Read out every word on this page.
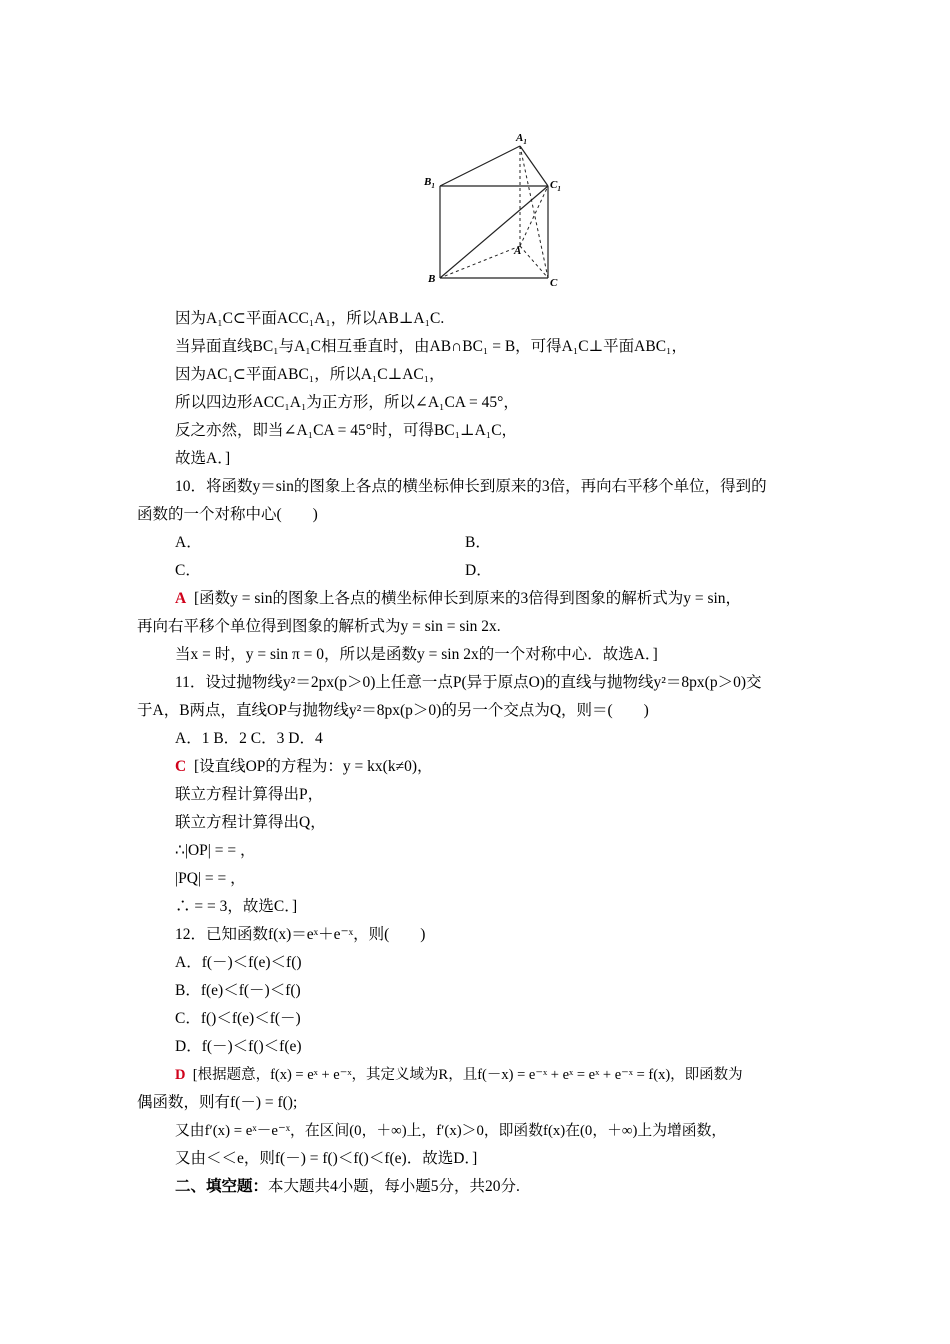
$A_1$
$B_1$	$C_1$
A
B	C
因为A₁C⊂平面ACC₁A₁，所以AB⊥A₁C.
当异面直线BC₁与A₁C相互垂直时，由AB∩BC₁ = B，可得A₁C⊥平面ABC₁，
因为AC₁⊂平面ABC₁，所以A₁C⊥AC₁，
所以四边形ACC₁A₁为正方形，所以∠A₁CA = 45°，
反之亦然，即当∠A₁CA = 45°时，可得BC₁⊥A₁C，
故选A．]
10．将函数y＝sin的图象上各点的横坐标伸长到原来的3倍，再向右平移个单位，得到的
函数的一个对称中心(　　)
A．	B．
C．	D．
A [函数y = sin的图象上各点的横坐标伸长到原来的3倍得到图象的解析式为y = sin，
再向右平移个单位得到图象的解析式为y = sin = sin 2x.
当x = 时，y = sin π = 0，所以是函数y = sin 2x的一个对称中心．故选A．]
11．设过抛物线y²＝2px(p＞0)上任意一点P(异于原点O)的直线与抛物线y²＝8px(p＞0)交
于A，B两点，直线OP与抛物线y²＝8px(p＞0)的另一个交点为Q，则＝(　　)
A．1 B．2 C．3 D．4
C [设直线OP的方程为：y = kx(k≠0)，
联立方程计算得出P，
联立方程计算得出Q，
∴|OP| = = ，
|PQ| = = ，
∴ = = 3，故选C．]
12．已知函数f(x)＝eˣ＋e⁻ˣ，则(　　)
A．f(－)＜f(e)＜f()
B．f(e)＜f(－)＜f()
C．f()＜f(e)＜f(－)
D．f(－)＜f()＜f(e)
D [根据题意，f(x) = eˣ + e⁻ˣ，其定义域为R，且f(－x) = e⁻ˣ + eˣ = eˣ + e⁻ˣ = f(x)，即函数为
偶函数，则有f(－) = f();
又由f′(x) = eˣ－e⁻ˣ，在区间(0，＋∞)上，f′(x)＞0，即函数f(x)在(0，＋∞)上为增函数，
又由＜＜e，则f(－) = f()＜f()＜f(e)．故选D．]
二、填空题：本大题共4小题，每小题5分，共20分.
